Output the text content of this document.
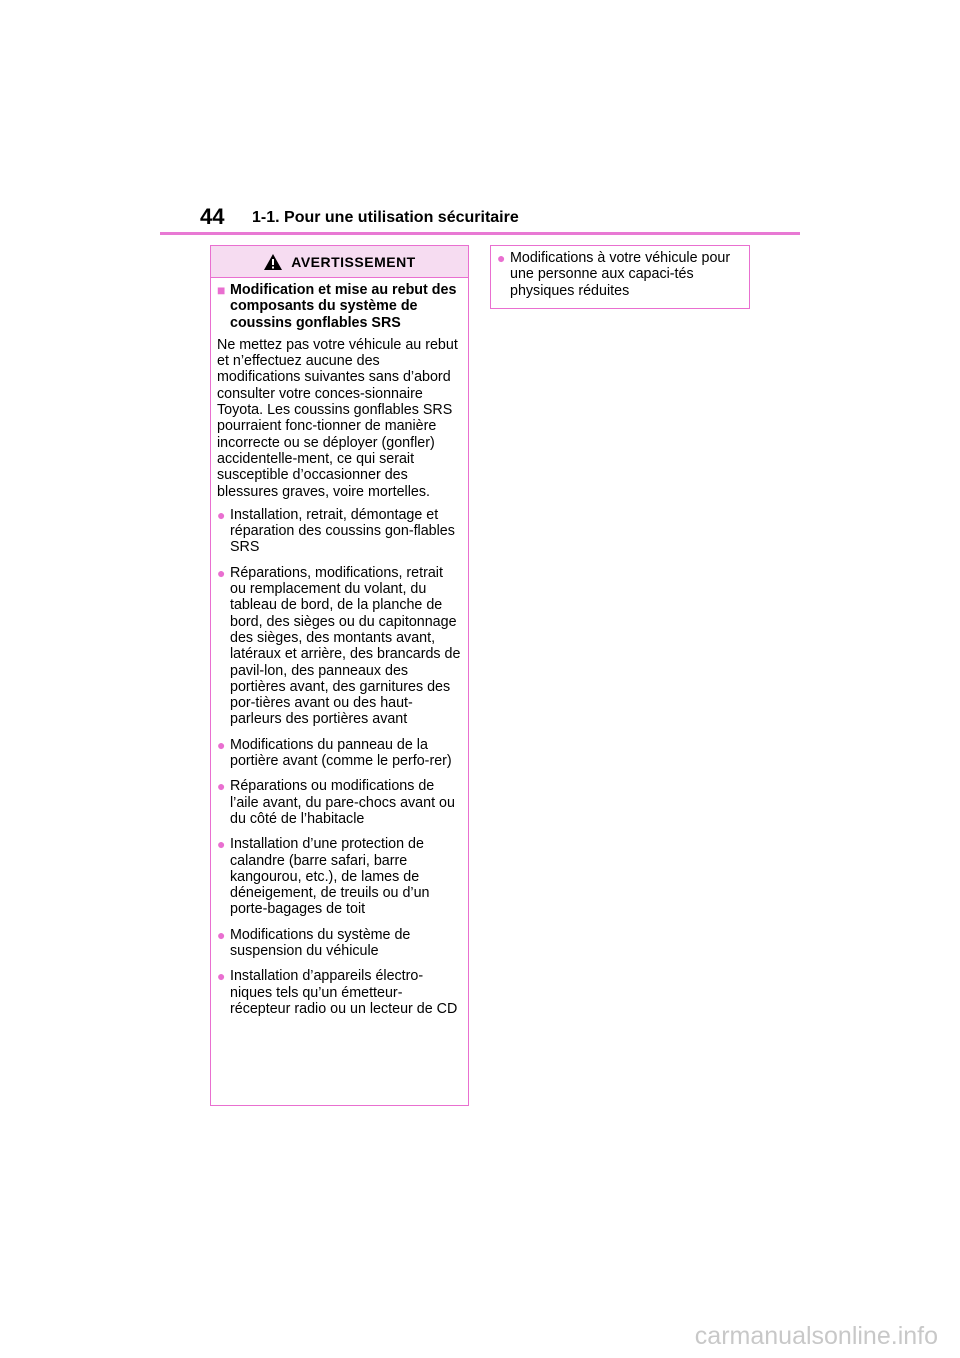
44 1-1. Pour une utilisation sécuritaire
AVERTISSEMENT
■ Modification et mise au rebut des composants du système de coussins gonflables SRS

Ne mettez pas votre véhicule au rebut et n’effectuez aucune des modifications suivantes sans d’abord consulter votre conces-sionnaire Toyota. Les coussins gonflables SRS pourraient fonc-tionner de manière incorrecte ou se déployer (gonfler) accidentelle-ment, ce qui serait susceptible d’occasionner des blessures graves, voire mortelles.

● Installation, retrait, démontage et réparation des coussins gon-flables SRS
● Réparations, modifications, retrait ou remplacement du volant, du tableau de bord, de la planche de bord, des sièges ou du capitonnage des sièges, des montants avant, latéraux et arrière, des brancards de pavil-lon, des panneaux des portières avant, des garnitures des por-tières avant ou des haut-parleurs des portières avant
● Modifications du panneau de la portière avant (comme le perfo-rer)
● Réparations ou modifications de l’aile avant, du pare-chocs avant ou du côté de l’habitacle
● Installation d’une protection de calandre (barre safari, barre kangourou, etc.), de lames de déneigement, de treuils ou d’un porte-bagages de toit
● Modifications du système de suspension du véhicule
● Installation d’appareils électro-niques tels qu’un émetteur-récepteur radio ou un lecteur de CD
● Modifications à votre véhicule pour une personne aux capaci-tés physiques réduites
carmanualsonline.info
